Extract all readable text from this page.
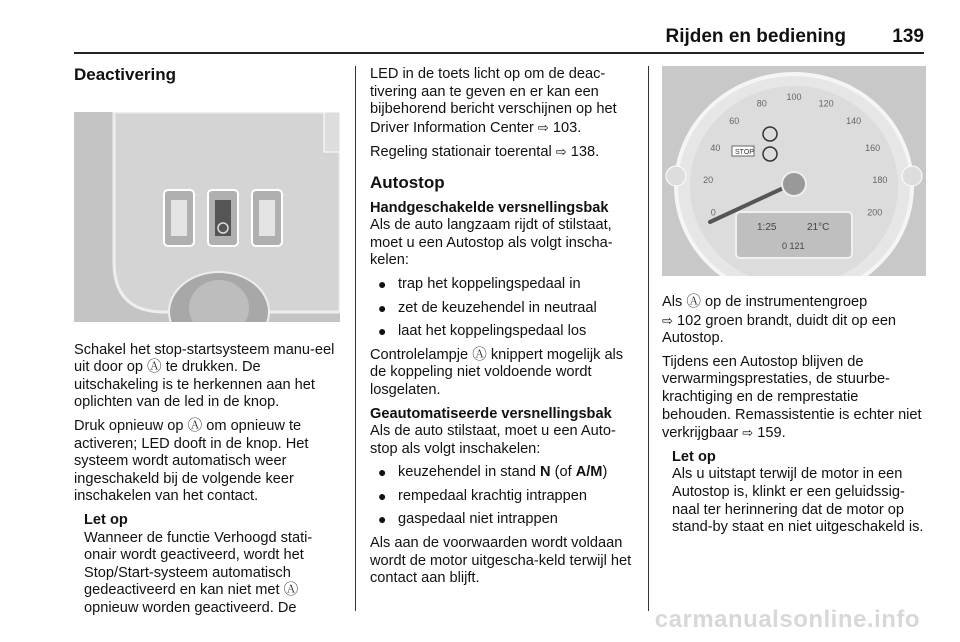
Rijden en bediening 139
Deactivering

Schakel het stop-startsysteem manu-eel uit door op Ⓐ te drukken. De uitschakeling is te herkennen aan het oplichten van de led in de knop.

Druk opnieuw op Ⓐ om opnieuw te activeren; LED dooft in de knop. Het systeem wordt automatisch weer ingeschakeld bij de volgende keer inschakelen van het contact.

Let op
Wanneer de functie Verhoogd stati-onair wordt geactiveerd, wordt het Stop/Start-systeem automatisch gedeactiveerd en kan niet met Ⓐ opnieuw worden geactiveerd. De

LED in de toets licht op om de deac-tivering aan te geven en er kan een bijbehorend bericht verschijnen op het Driver Information Center ⇨ 103.

Regeling stationair toerental ⇨ 138.

Autostop
Handgeschakelde versnellingsbak

Als de auto langzaam rijdt of stilstaat, moet u een Autostop als volgt inscha-kelen:

● trap het koppelingspedaal in
● zet de keuzehendel in neutraal
● laat het koppelingspedaal los

Controlelampje Ⓐ knippert mogelijk als de koppeling niet voldoende wordt losgelaten.

Geautomatiseerde versnellingsbak

Als de auto stilstaat, moet u een Auto-stop als volgt inschakelen:

● keuzehendel in stand N (of A/M)
● rempedaal krachtig intrappen
● gaspedaal niet intrappen

Als aan de voorwaarden wordt voldaan wordt de motor uitgescha-keld terwijl het contact aan blijft.

1:25	21°C
0 121
STOP
0
20
40
60
80
100
120
140
160
180
200

Als Ⓐ op de instrumentengroep
⇨ 102 groen brandt, duidt dit op een Autostop.

Tijdens een Autostop blijven de verwarmingsprestaties, de stuurbe-krachtiging en de remprestatie behouden. Remassistentie is echter niet verkrijgbaar ⇨ 159.

Let op
Als u uitstapt terwijl de motor in een Autostop is, klinkt er een geluidssig-naal ter herinnering dat de motor op stand-by staat en niet uitgeschakeld is.
carmanualsonline.info
